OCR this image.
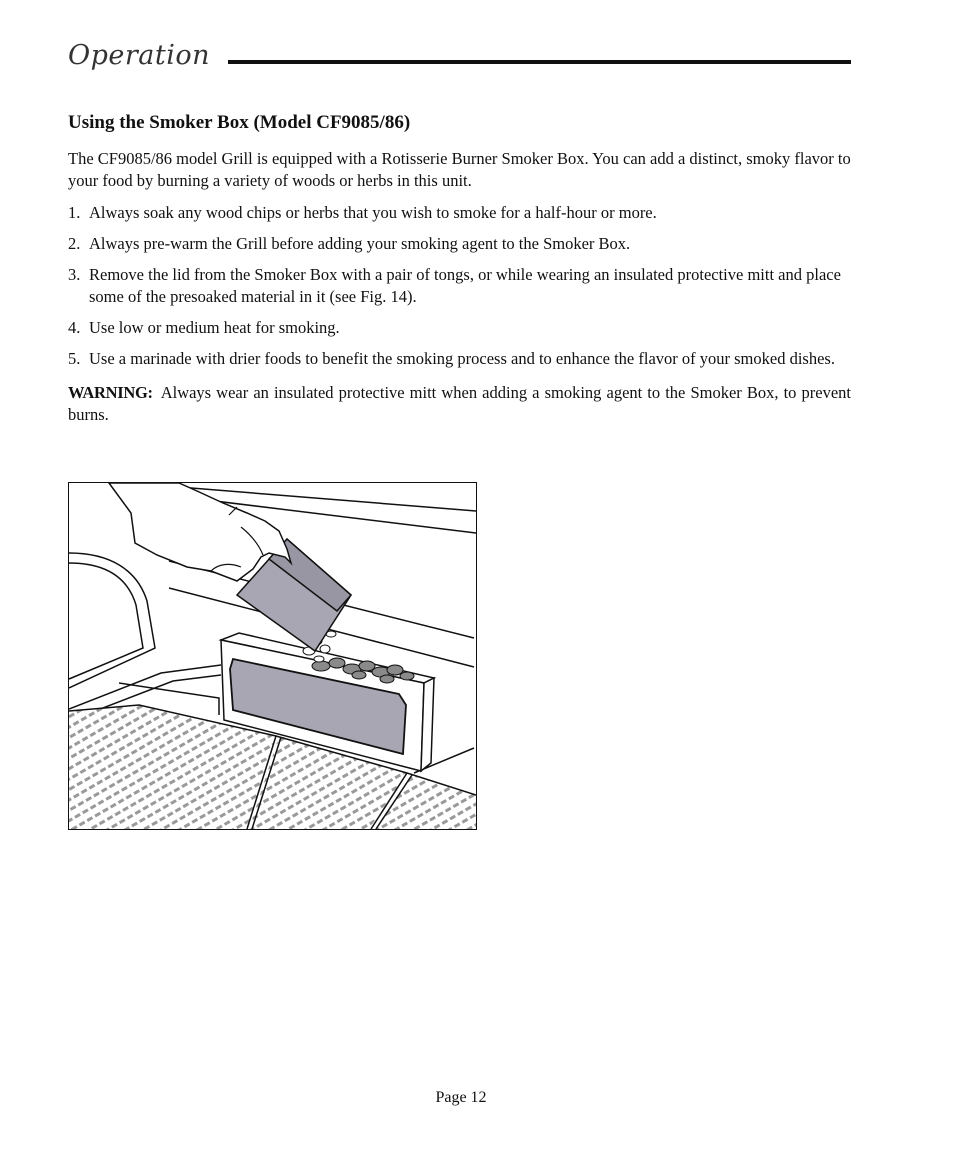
Operation
Using the Smoker Box (Model CF9085/86)

The CF9085/86 model Grill is equipped with a Rotisserie Burner Smoker Box. You can add a distinct, smoky flavor to your food by burning a variety of woods or herbs in this unit.

1. Always soak any wood chips or herbs that you wish to smoke for a half-hour or more.
2. Always pre-warm the Grill before adding your smoking agent to the Smoker Box.
3. Remove the lid from the Smoker Box with a pair of tongs, or while wearing an insulated protective mitt and place some of the presoaked material in it (see Fig. 14).
4. Use low or medium heat for smoking.
5. Use a marinade with drier foods to benefit the smoking process and to enhance the flavor of your smoked dishes.

WARNING: Always wear an insulated protective mitt when adding a smoking agent to the Smoker Box, to prevent burns.

Page 12
